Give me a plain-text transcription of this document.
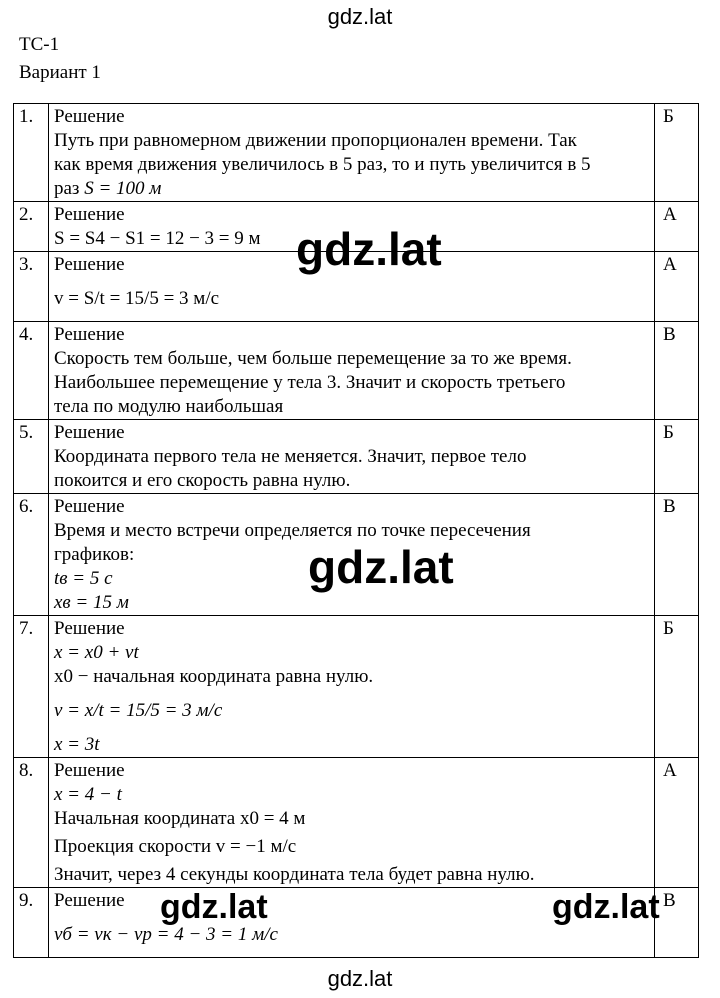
gdz.lat
ТС-1
Вариант 1
1.	Решение
Путь при равномерном движении пропорционален времени. Так
как время движения увеличилось в 5 раз, то и путь увеличится в 5
раз S = 100 м	Б
2.	Решение
S = S4 − S1 = 12 − 3 = 9 м	А
3.	Решение
v = S/t = 15/5 = 3 м/с	А
4.	Решение
Скорость тем больше, чем больше перемещение за то же время.
Наибольшее перемещение у тела 3. Значит и скорость третьего
тела по модулю наибольшая	В
5.	Решение
Координата первого тела не меняется. Значит, первое тело
покоится и его скорость равна нулю.	Б
6.	Решение
Время и место встречи определяется по точке пересечения
графиков:
tв = 5 с
xв = 15 м	В
7.	Решение
x = x0 + vt
x0 − начальная координата равна нулю.
v = x/t = 15/5 = 3 м/с
x = 3t	Б
8.	Решение
x = 4 − t
Начальная координата x0 = 4 м
Проекция скорости v = −1 м/с
Значит, через 4 секунды координата тела будет равна нулю.	А
9.	Решение
vб = vк − vр = 4 − 3 = 1 м/с	В
gdz.lat
gdz.lat
gdz.lat	gdz.lat
gdz.lat
